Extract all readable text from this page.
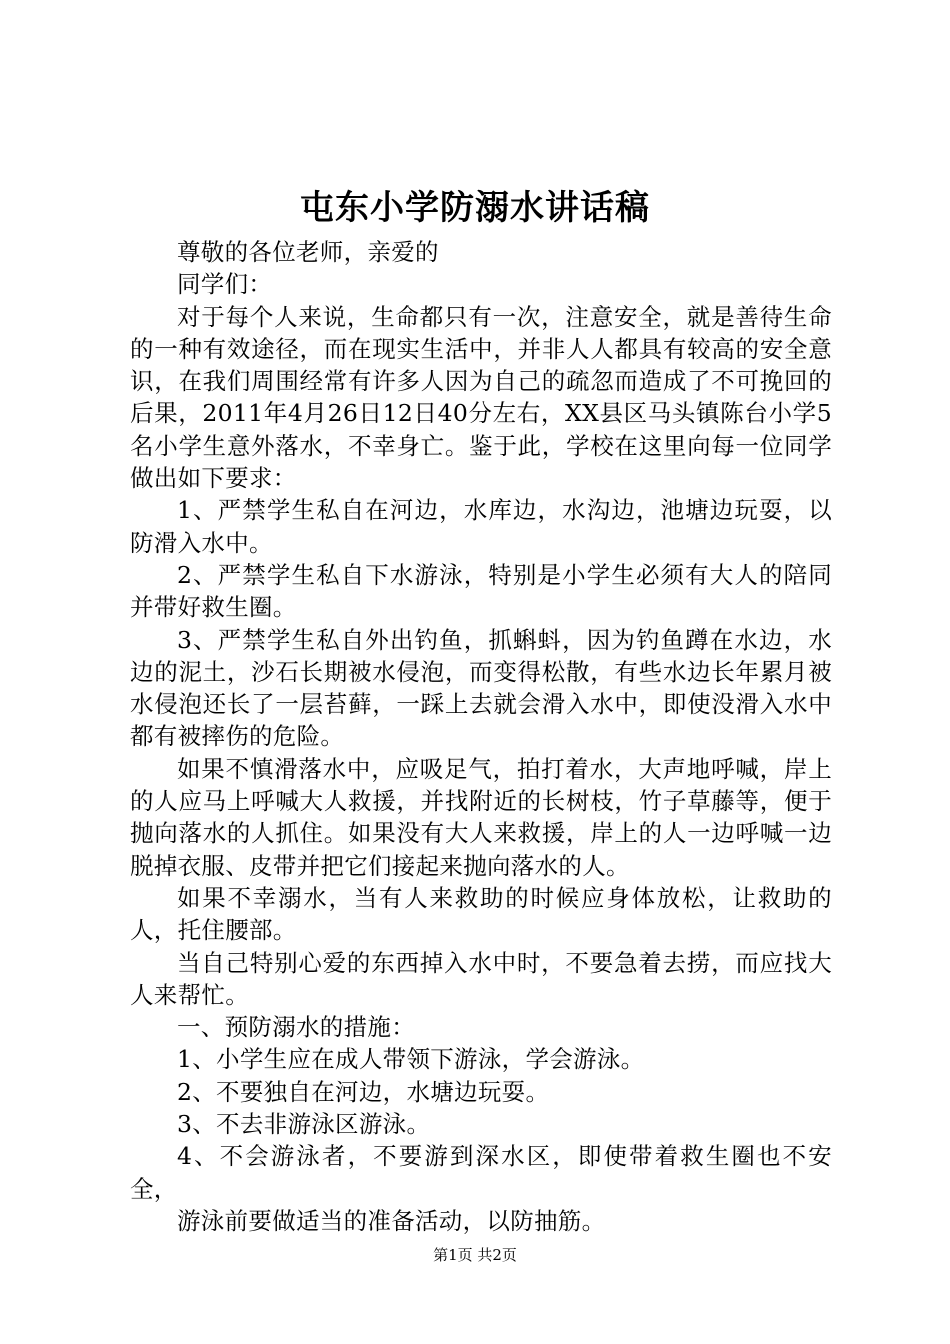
屯东小学防溺水讲话稿

尊敬的各位老师，亲爱的

同学们：

对于每个人来说，生命都只有一次，注意安全，就是善待生命的一种有效途径，而在现实生活中，并非人人都具有较高的安全意识，在我们周围经常有许多人因为自己的疏忽而造成了不可挽回的后果，2011年4月26日12日40分左右，XX县区马头镇陈台小学5名小学生意外落水，不幸身亡。鉴于此，学校在这里向每一位同学做出如下要求：

1、严禁学生私自在河边，水库边，水沟边，池塘边玩耍，以防滑入水中。

2、严禁学生私自下水游泳，特别是小学生必须有大人的陪同并带好救生圈。

3、严禁学生私自外出钓鱼，抓蝌蚪，因为钓鱼蹲在水边，水边的泥土，沙石长期被水侵泡，而变得松散，有些水边长年累月被水侵泡还长了一层苔藓，一踩上去就会滑入水中，即使没滑入水中都有被摔伤的危险。

如果不慎滑落水中，应吸足气，拍打着水，大声地呼喊，岸上的人应马上呼喊大人救援，并找附近的长树枝，竹子草藤等，便于抛向落水的人抓住。如果没有大人来救援，岸上的人一边呼喊一边脱掉衣服、皮带并把它们接起来抛向落水的人。

如果不幸溺水，当有人来救助的时候应身体放松，让救助的人，托住腰部。

当自己特别心爱的东西掉入水中时，不要急着去捞，而应找大人来帮忙。

一、预防溺水的措施：

1、小学生应在成人带领下游泳，学会游泳。

2、不要独自在河边，水塘边玩耍。

3、不去非游泳区游泳。

4、不会游泳者，不要游到深水区，即使带着救生圈也不安全，

游泳前要做适当的准备活动，以防抽筋。

第1页 共2页
